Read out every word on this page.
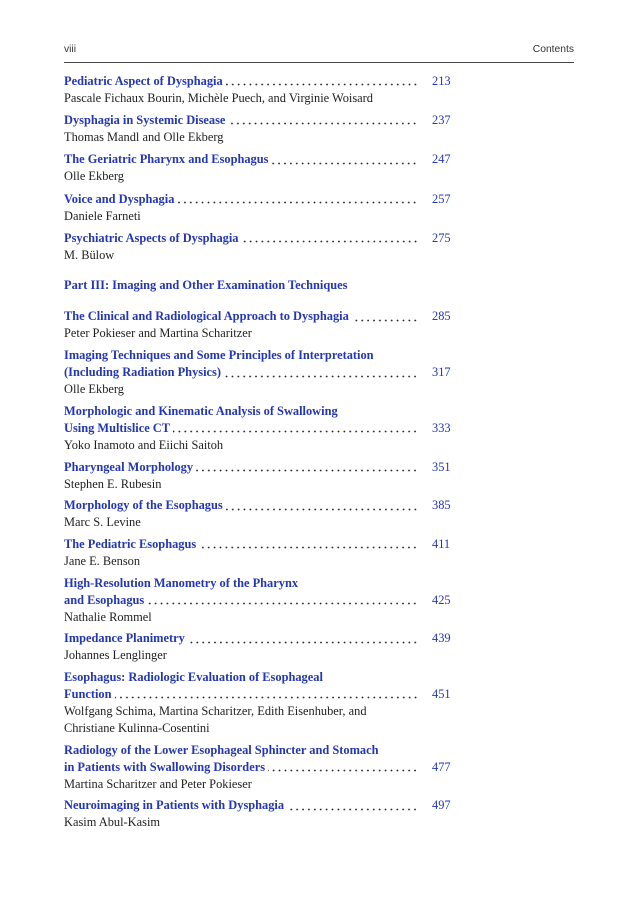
viii	Contents
Pediatric Aspect of Dysphagia	213
Pascale Fichaux Bourin, Michèle Puech, and Virginie Woisard
Dysphagia in Systemic Disease	237
Thomas Mandl and Olle Ekberg
The Geriatric Pharynx and Esophagus	247
Olle Ekberg
Voice and Dysphagia	257
Daniele Farneti
Psychiatric Aspects of Dysphagia	275
M. Bülow
Part III: Imaging and Other Examination Techniques
The Clinical and Radiological Approach to Dysphagia	285
Peter Pokieser and Martina Scharitzer
Imaging Techniques and Some Principles of Interpretation
(Including Radiation Physics)	317
Olle Ekberg
Morphologic and Kinematic Analysis of Swallowing
Using Multislice CT	333
Yoko Inamoto and Eiichi Saitoh
Pharyngeal Morphology	351
Stephen E. Rubesin
Morphology of the Esophagus	385
Marc S. Levine
The Pediatric Esophagus	411
Jane E. Benson
High-Resolution Manometry of the Pharynx
and Esophagus	425
Nathalie Rommel
Impedance Planimetry	439
Johannes Lenglinger
Esophagus: Radiologic Evaluation of Esophageal
Function	451
Wolfgang Schima, Martina Scharitzer, Edith Eisenhuber, and
Christiane Kulinna-Cosentini
Radiology of the Lower Esophageal Sphincter and Stomach
in Patients with Swallowing Disorders	477
Martina Scharitzer and Peter Pokieser
Neuroimaging in Patients with Dysphagia	497
Kasim Abul-Kasim
